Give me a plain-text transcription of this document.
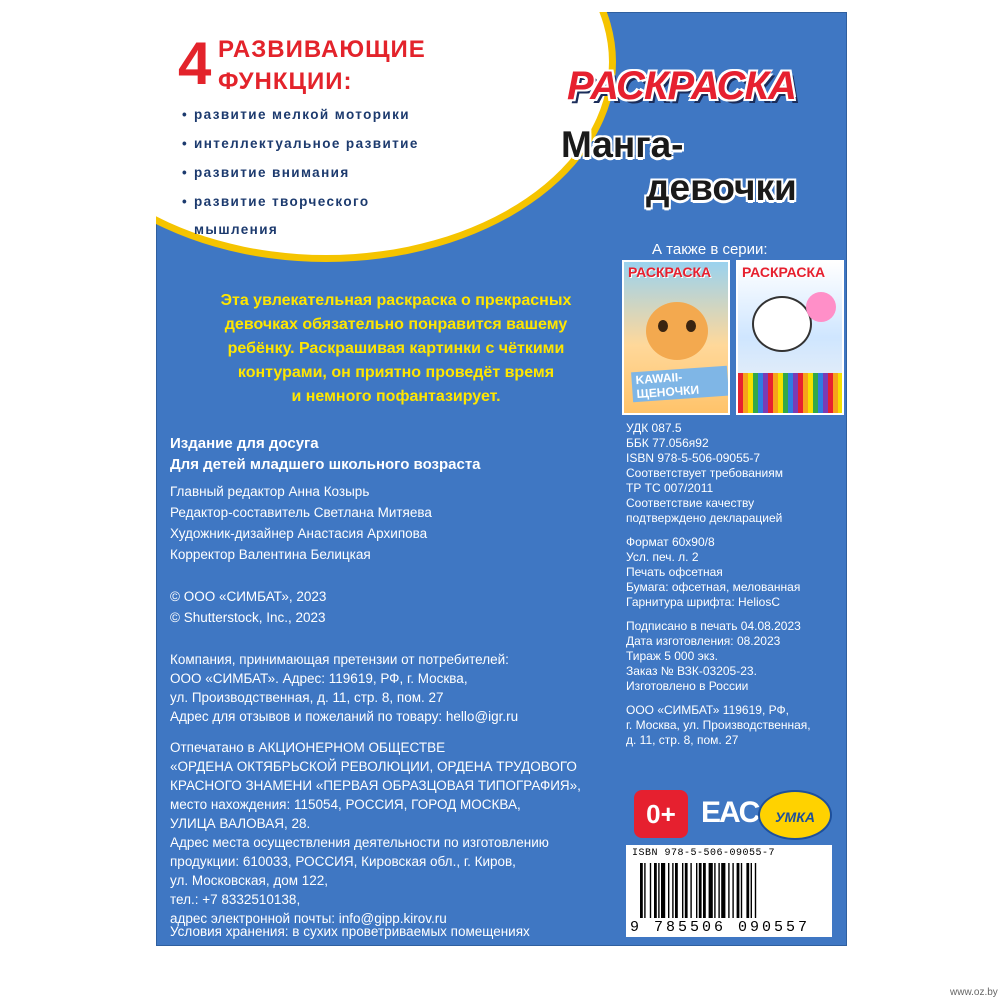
4 РАЗВИВАЮЩИЕ
ФУНКЦИИ:
• развитие мелкой моторики
• интеллектуальное развитие
• развитие внимания
• развитие творческого
мышления
РАСКРАСКА
Манга-
девочки
А также в серии:
РАСКРАСКА
KAWAII-ЩЕНОЧКИ
РАСКРАСКА
Эта увлекательная раскраска о прекрасных
девочках обязательно понравится вашему
ребёнку. Раскрашивая картинки с чёткими
контурами, он приятно проведёт время
и немного пофантазирует.
Издание для досуга
Для детей младшего школьного возраста
Главный редактор Анна Козырь
Редактор-составитель Светлана Митяева
Художник-дизайнер Анастасия Архипова
Корректор Валентина Белицкая
© ООО «СИМБАТ», 2023
© Shutterstock, Inc., 2023
Компания, принимающая претензии от потребителей:
ООО «СИМБАТ». Адрес: 119619, РФ, г. Москва,
ул. Производственная, д. 11, стр. 8, пом. 27
Адрес для отзывов и пожеланий по товару: hello@igr.ru
Отпечатано в АКЦИОНЕРНОМ ОБЩЕСТВЕ
«ОРДЕНА ОКТЯБРЬСКОЙ РЕВОЛЮЦИИ, ОРДЕНА ТРУДОВОГО
КРАСНОГО ЗНАМЕНИ «ПЕРВАЯ ОБРАЗЦОВАЯ ТИПОГРАФИЯ»,
место нахождения: 115054, РОССИЯ, ГОРОД МОСКВА,
УЛИЦА ВАЛОВАЯ, 28.
Адрес места осуществления деятельности по изготовлению
продукции: 610033, РОССИЯ, Кировская обл., г. Киров,
ул. Московская, дом 122,
тел.: +7 8332510138,
адрес электронной почты: info@gipp.kirov.ru
УДК 087.5
ББК 77.056я92
ISBN 978-5-506-09055-7
Соответствует требованиям
ТР ТС 007/2011
Соответствие качеству
подтверждено декларацией
Формат 60х90/8
Усл. печ. л. 2
Печать офсетная
Бумага: офсетная, мелованная
Гарнитура шрифта: HeliosC
Подписано в печать 04.08.2023
Дата изготовления: 08.2023
Тираж 5 000 экз.
Заказ № ВЗК-03205-23.
Изготовлено в России
ООО «СИМБАТ» 119619, РФ,
г. Москва, ул. Производственная,
д. 11, стр. 8, пом. 27
0+ EAC	УМКА
ISBN 978-5-506-09055-7
9 785506 090557
Условия хранения: в сухих проветриваемых помещениях
www.oz.by
